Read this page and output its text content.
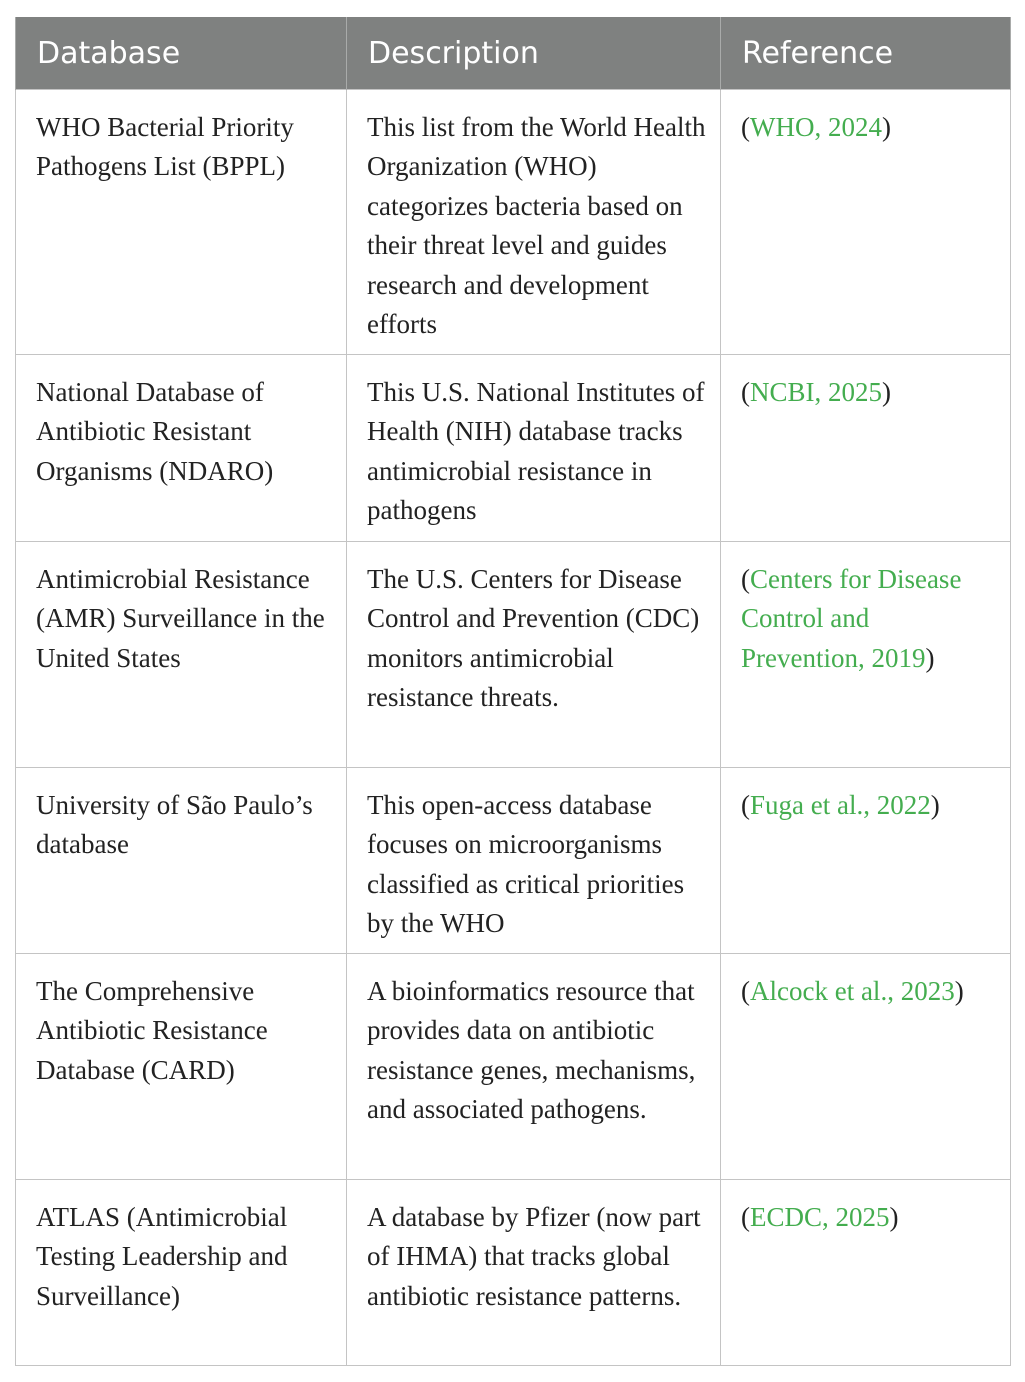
Database	Description	Reference
WHO Bacterial Priority Pathogens List (BPPL)	This list from the World Health Organization (WHO) categorizes bacteria based on their threat level and guides research and development efforts	(WHO, 2024)
National Database of Antibiotic Resistant Organisms (NDARO)	This U.S. National Institutes of Health (NIH) database tracks antimicrobial resistance in pathogens	(NCBI, 2025)
Antimicrobial Resistance (AMR) Surveillance in the United States	The U.S. Centers for Disease Control and Prevention (CDC) monitors antimicrobial resistance threats.	(Centers for Disease Control and Prevention, 2019)
University of São Paulo’s database	This open-access database focuses on microorganisms classified as critical priorities by the WHO	(Fuga et al., 2022)
The Comprehensive Antibiotic Resistance Database (CARD)	A bioinformatics resource that provides data on antibiotic resistance genes, mechanisms, and associated pathogens.	(Alcock et al., 2023)
ATLAS (Antimicrobial Testing Leadership and Surveillance)	A database by Pfizer (now part of IHMA) that tracks global antibiotic resistance patterns.	(ECDC, 2025)
